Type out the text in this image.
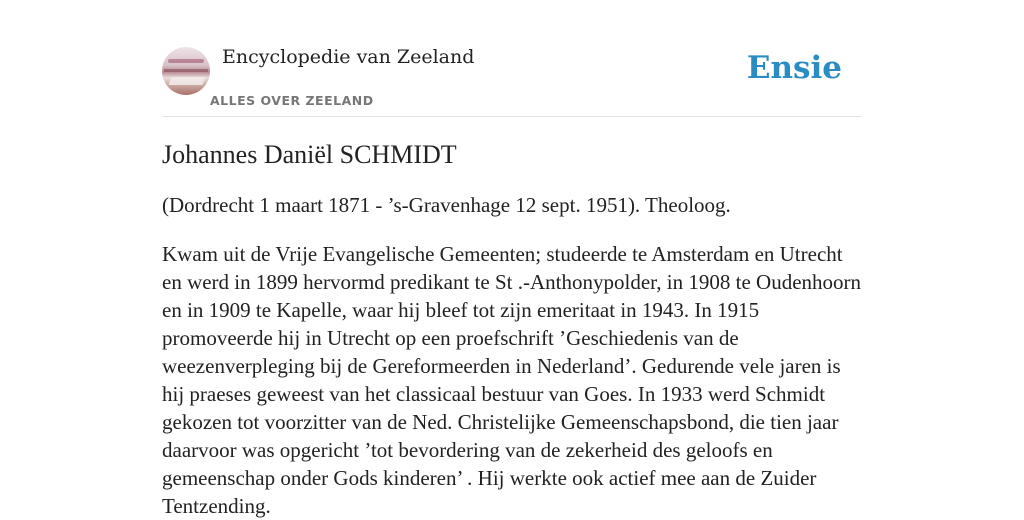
Encyclopedie van Zeeland
ALLES OVER ZEELAND
Ensie
Johannes Daniël SCHMIDT

(Dordrecht 1 maart 1871 - ’s-Gravenhage 12 sept. 1951). Theoloog.

Kwam uit de Vrije Evangelische Gemeenten; studeerde te Amsterdam en Utrecht en werd in 1899 hervormd predikant te St .-Anthonypolder, in 1908 te Oudenhoorn en in 1909 te Kapelle, waar hij bleef tot zijn emeritaat in 1943. In 1915 promoveerde hij in Utrecht op een proefschrift ’Geschiedenis van de weezenverpleging bij de Gereformeerden in Nederland’. Gedurende vele jaren is hij praeses geweest van het classicaal bestuur van Goes. In 1933 werd Schmidt gekozen tot voorzitter van de Ned. Christelijke Gemeenschapsbond, die tien jaar daarvoor was opgericht ’tot bevordering van de zekerheid des geloofs en gemeenschap onder Gods kinderen’ . Hij werkte ook actief mee aan de Zuider Tentzending.
